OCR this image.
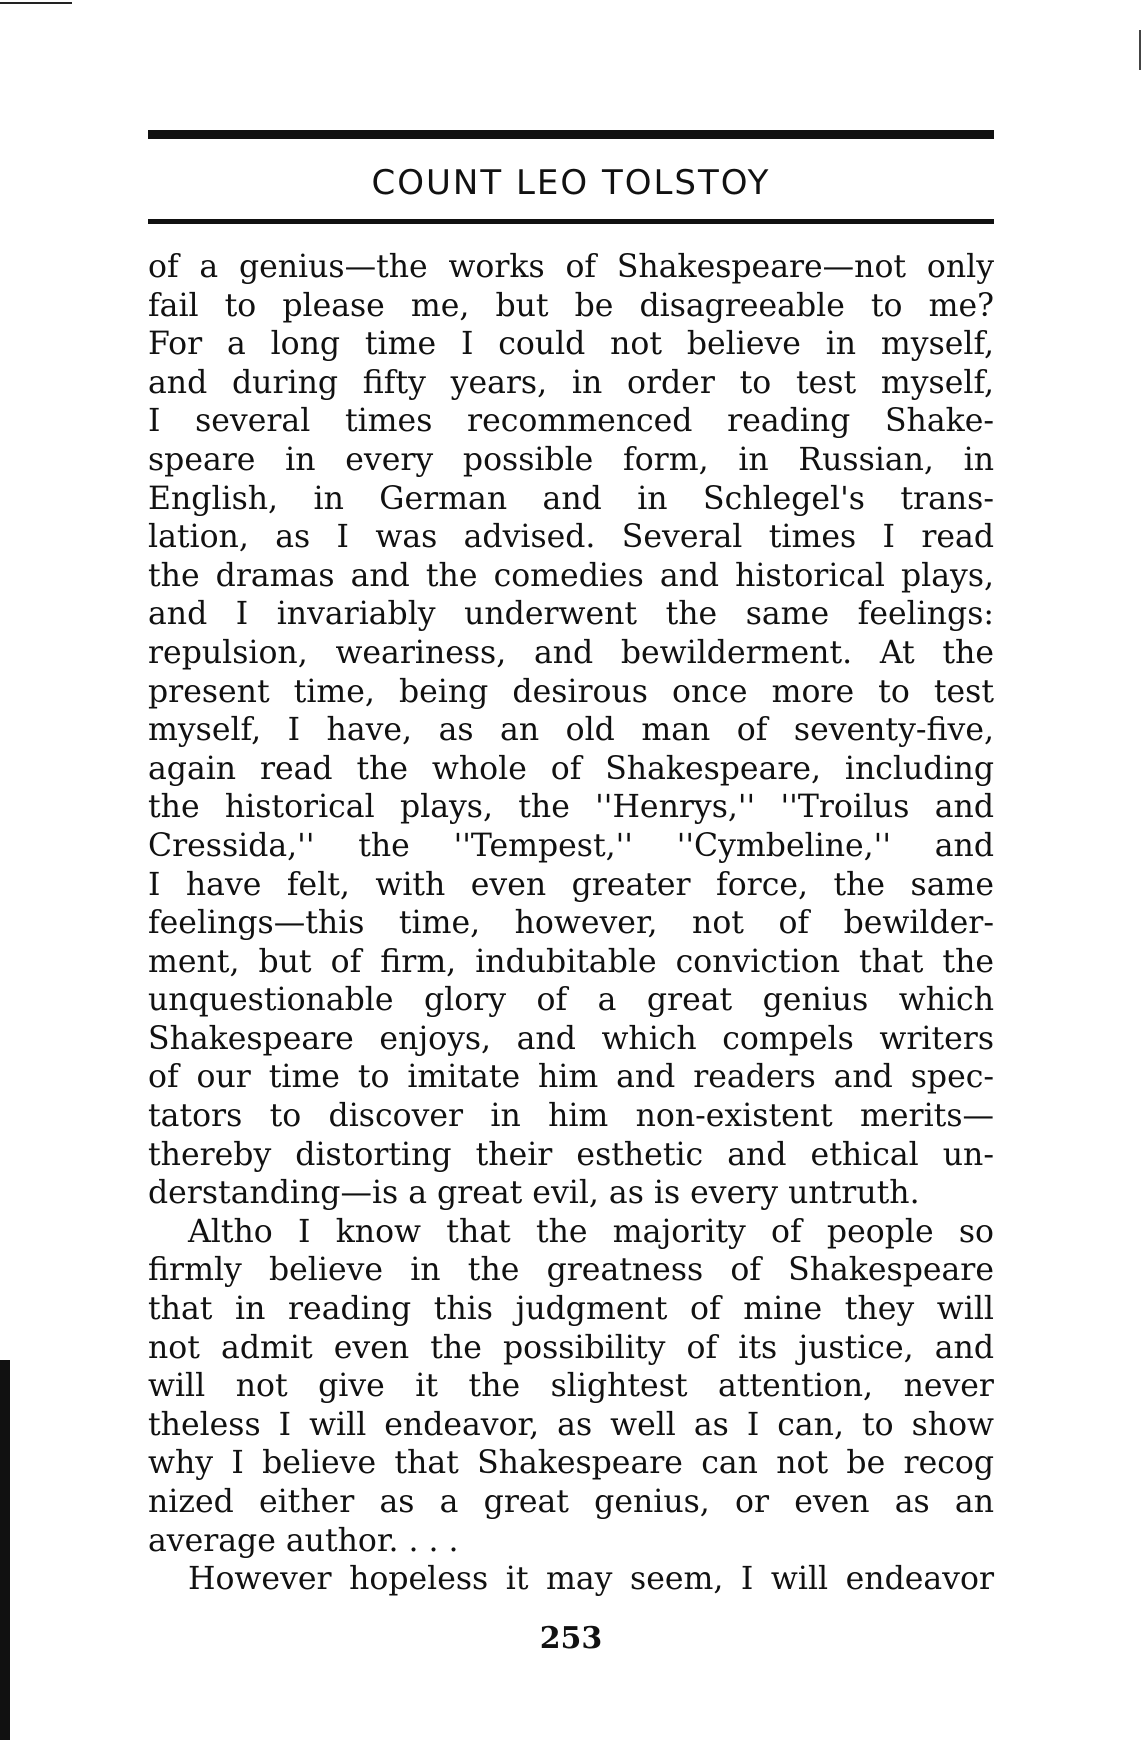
COUNT LEO TOLSTOY
of a genius—the works of Shakespeare—not only
fail to please me, but be disagreeable to me?
For a long time I could not believe in myself,
and during fifty years, in order to test myself,
I several times recommenced reading Shake-
speare in every possible form, in Russian, in
English, in German and in Schlegel's trans-
lation, as I was advised. Several times I read
the dramas and the comedies and historical plays,
and I invariably underwent the same feelings:
repulsion, weariness, and bewilderment. At the
present time, being desirous once more to test
myself, I have, as an old man of seventy-five,
again read the whole of Shakespeare, including
the historical plays, the ''Henrys,'' ''Troilus and
Cressida,'' the ''Tempest,'' ''Cymbeline,'' and
I have felt, with even greater force, the same
feelings—this time, however, not of bewilder-
ment, but of firm, indubitable conviction that the
unquestionable glory of a great genius which
Shakespeare enjoys, and which compels writers
of our time to imitate him and readers and spec-
tators to discover in him non-existent merits—
thereby distorting their esthetic and ethical un-
derstanding—is a great evil, as is every untruth.
Altho I know that the majority of people so
firmly believe in the greatness of Shakespeare
that in reading this judgment of mine they will
not admit even the possibility of its justice, and
will not give it the slightest attention, never
theless I will endeavor, as well as I can, to show
why I believe that Shakespeare can not be recog
nized either as a great genius, or even as an
average author. . . .
However hopeless it may seem, I will endeavor
253
